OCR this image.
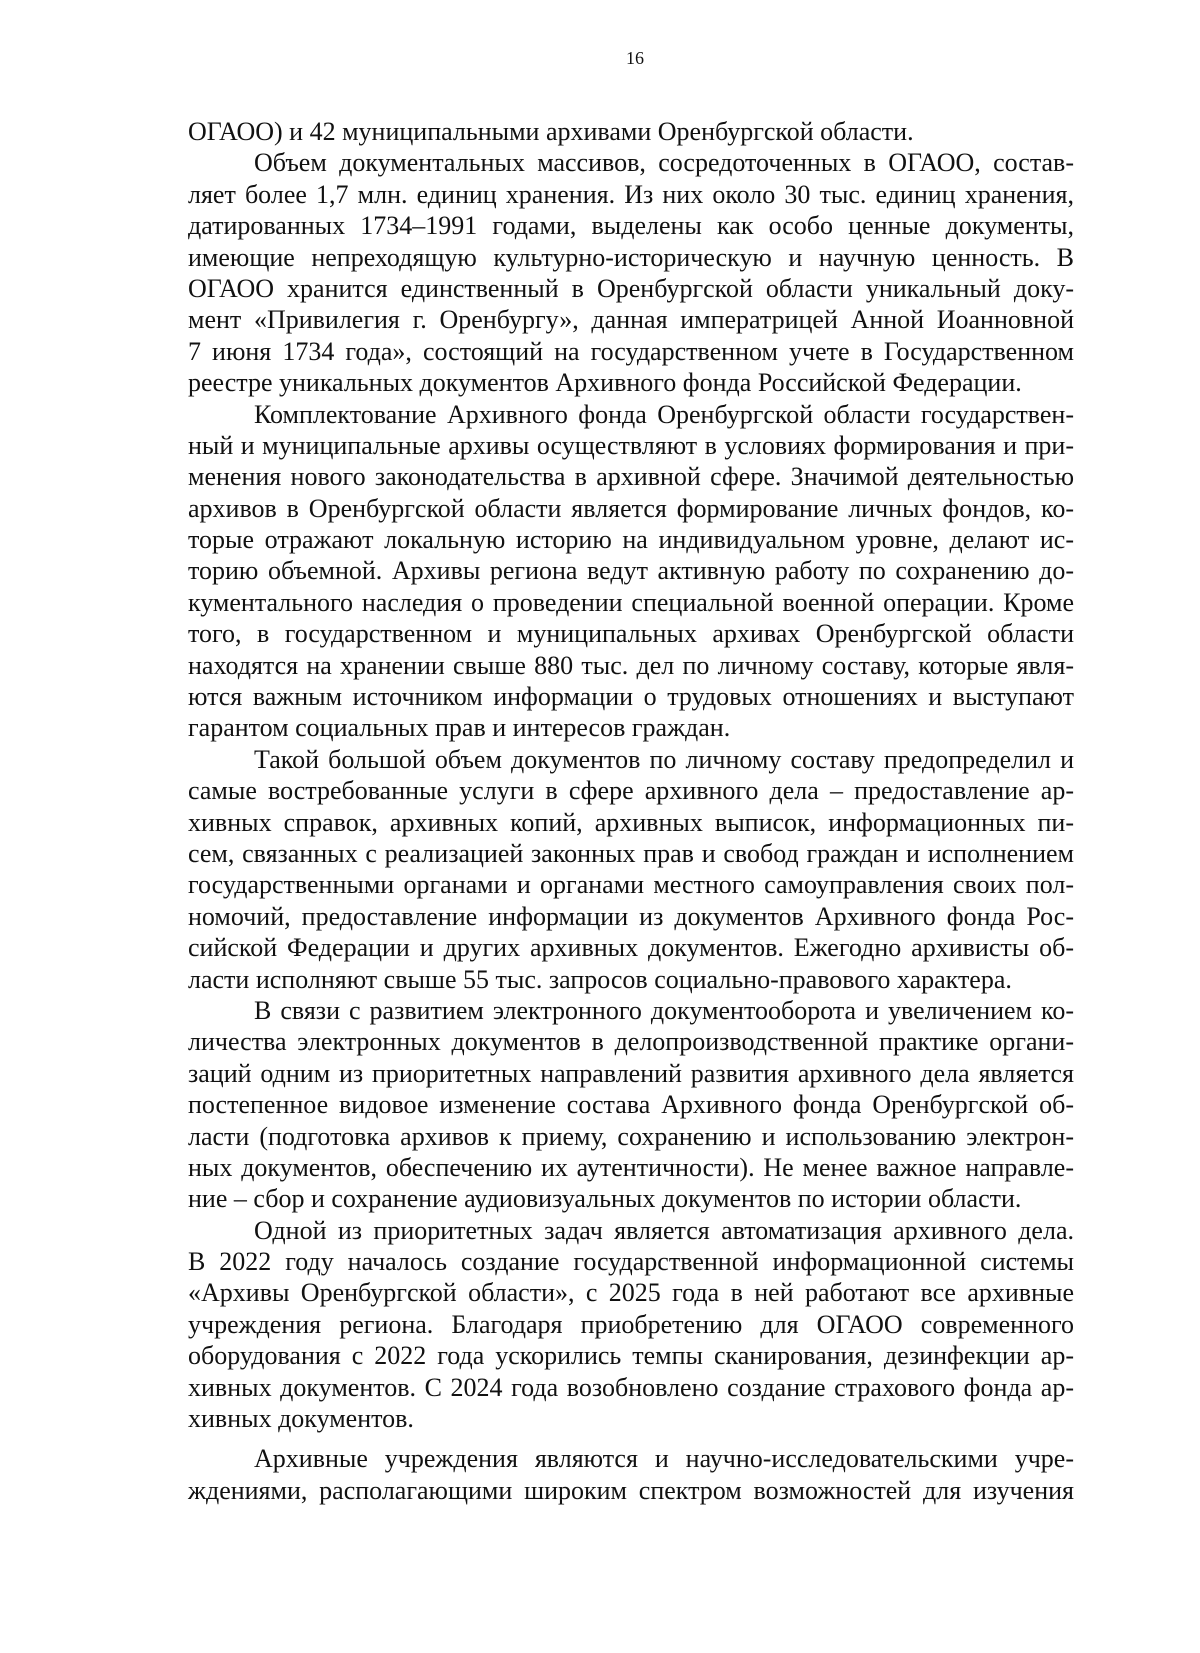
16
ОГАОО) и 42 муниципальными архивами Оренбургской области.
Объем документальных массивов, сосредоточенных в ОГАОО, состав-
ляет более 1,7 млн. единиц хранения. Из них около 30 тыс. единиц хранения,
датированных 1734–1991 годами, выделены как особо ценные документы,
имеющие непреходящую культурно-историческую и научную ценность. В
ОГАОО хранится единственный в Оренбургской области уникальный доку-
мент «Привилегия г. Оренбургу», данная императрицей Анной Иоанновной
7 июня 1734 года», состоящий на государственном учете в Государственном
реестре уникальных документов Архивного фонда Российской Федерации.
Комплектование Архивного фонда Оренбургской области государствен-
ный и муниципальные архивы осуществляют в условиях формирования и при-
менения нового законодательства в архивной сфере. Значимой деятельностью
архивов в Оренбургской области является формирование личных фондов, ко-
торые отражают локальную историю на индивидуальном уровне, делают ис-
торию объемной. Архивы региона ведут активную работу по сохранению до-
кументального наследия о проведении специальной военной операции. Кроме
того, в государственном и муниципальных архивах Оренбургской области
находятся на хранении свыше 880 тыс. дел по личному составу, которые явля-
ются важным источником информации о трудовых отношениях и выступают
гарантом социальных прав и интересов граждан.
Такой большой объем документов по личному составу предопределил и
самые востребованные услуги в сфере архивного дела – предоставление ар-
хивных справок, архивных копий, архивных выписок, информационных пи-
сем, связанных с реализацией законных прав и свобод граждан и исполнением
государственными органами и органами местного самоуправления своих пол-
номочий, предоставление информации из документов Архивного фонда Рос-
сийской Федерации и других архивных документов. Ежегодно архивисты об-
ласти исполняют свыше 55 тыс. запросов социально-правового характера.
В связи с развитием электронного документооборота и увеличением ко-
личества электронных документов в делопроизводственной практике органи-
заций одним из приоритетных направлений развития архивного дела является
постепенное видовое изменение состава Архивного фонда Оренбургской об-
ласти (подготовка архивов к приему, сохранению и использованию электрон-
ных документов, обеспечению их аутентичности). Не менее важное направле-
ние – сбор и сохранение аудиовизуальных документов по истории области.
Одной из приоритетных задач является автоматизация архивного дела.
В 2022 году началось создание государственной информационной системы
«Архивы Оренбургской области», с 2025 года в ней работают все архивные
учреждения региона. Благодаря приобретению для ОГАОО современного
оборудования с 2022 года ускорились темпы сканирования, дезинфекции ар-
хивных документов. С 2024 года возобновлено создание страхового фонда ар-
хивных документов.
Архивные учреждения являются и научно-исследовательскими учре-
ждениями, располагающими широким спектром возможностей для изучения
